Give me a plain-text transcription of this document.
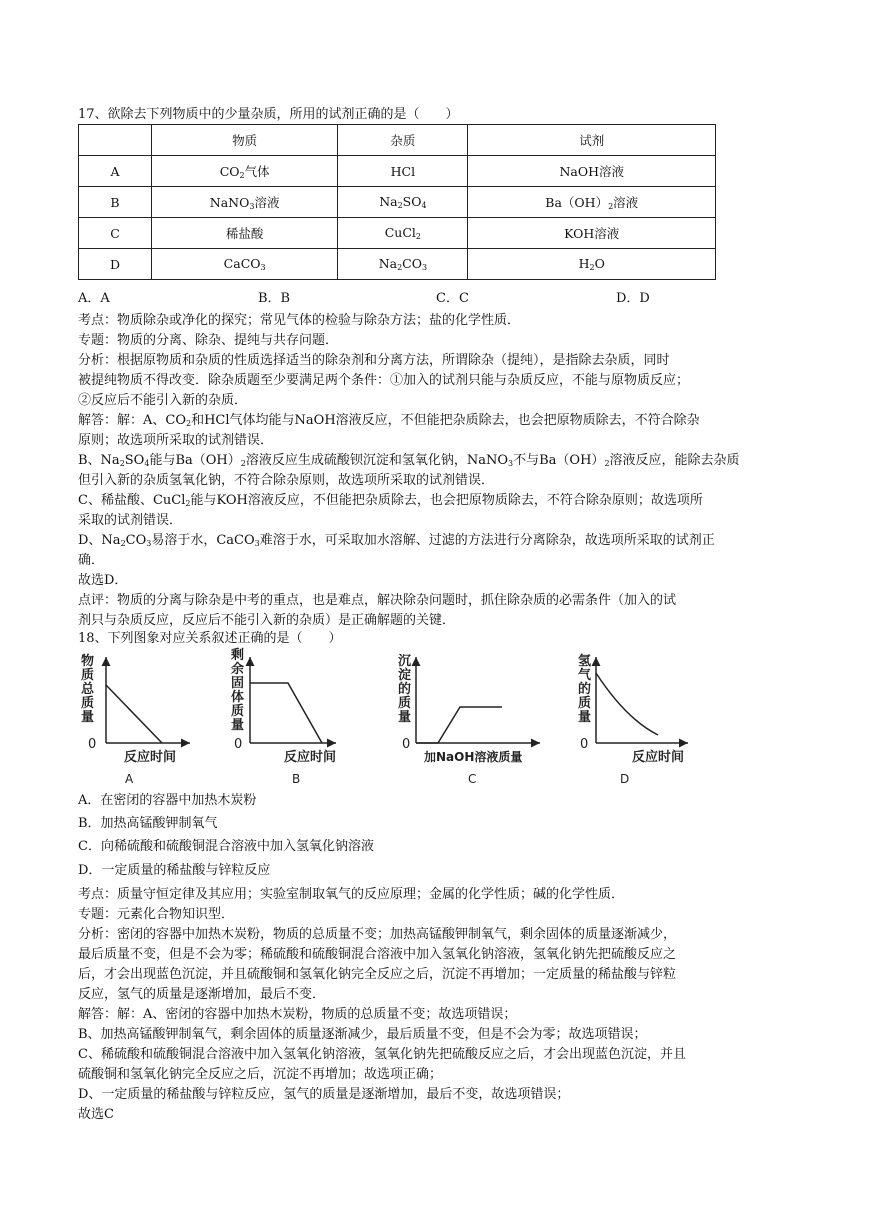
17、欲除去下列物质中的少量杂质，所用的试剂正确的是（　　）
	物质	杂质	试剂
A	$CO_2$气体	HCl	NaOH溶液
B	NaNO$_3$溶液	$Na_2SO_4$	$Ba(OH)_2$溶液
C	稀盐酸	CuCl$_2$	KOH溶液
D	CaCO$_3$	$Na_2CO_3$	$H_2O$
A．A	B．B	C．C	D．D
考点：物质除杂或净化的探究；常见气体的检验与除杂方法；盐的化学性质．
专题：物质的分离、除杂、提纯与共存问题．
分析：根据原物质和杂质的性质选择适当的除杂剂和分离方法，所谓除杂（提纯），是指除去杂质，同时
被提纯物质不得改变．除杂质题至少要满足两个条件：①加入的试剂只能与杂质反应，不能与原物质反应；
②反应后不能引入新的杂质．
解答：解：A、$CO_2$和HCl气体均能与NaOH溶液反应，不但能把杂质除去，也会把原物质除去，不符合除杂
原则；故选项所采取的试剂错误．
B、$Na_2SO_4$能与$Ba(OH)_2$溶液反应生成硫酸钡沉淀和氢氧化钠，NaNO$_3$不与$Ba(OH)_2$溶液反应，能除去杂质
但引入新的杂质氢氧化钠，不符合除杂原则，故选项所采取的试剂错误．
C、稀盐酸、CuCl$_2$能与KOH溶液反应，不但能把杂质除去，也会把原物质除去，不符合除杂原则；故选项所
采取的试剂错误．
D、$Na_2CO_3$易溶于水，CaCO$_3$难溶于水，可采取加水溶解、过滤的方法进行分离除杂，故选项所采取的试剂正
确．
故选D．
点评：物质的分离与除杂是中考的重点，也是难点，解决除杂问题时，抓住除杂质的必需条件（加入的试
剂只与杂质反应，反应后不能引入新的杂质）是正确解题的关键．
18、下列图象对应关系叙述正确的是（　　）
物
质
总
质
量
0
反应时间
A
剩
余
固
体
质
量
0
反应时间
B
沉
淀
的
质
量
0
加NaOH溶液质量
C
氢
气
的
质
量
0
反应时间
D
A．在密闭的容器中加热木炭粉
B．加热高锰酸钾制氧气
C．向稀硫酸和硫酸铜混合溶液中加入氢氧化钠溶液
D．一定质量的稀盐酸与锌粒反应
考点：质量守恒定律及其应用；实验室制取氧气的反应原理；金属的化学性质；碱的化学性质．
专题：元素化合物知识型．
分析：密闭的容器中加热木炭粉，物质的总质量不变；加热高锰酸钾制氧气，剩余固体的质量逐渐减少，
最后质量不变，但是不会为零；稀硫酸和硫酸铜混合溶液中加入氢氧化钠溶液，氢氧化钠先把硫酸反应之
后，才会出现蓝色沉淀，并且硫酸铜和氢氧化钠完全反应之后，沉淀不再增加；一定质量的稀盐酸与锌粒
反应，氢气的质量是逐渐增加，最后不变．
解答：解：A、密闭的容器中加热木炭粉，物质的总质量不变；故选项错误；
B、加热高锰酸钾制氧气，剩余固体的质量逐渐减少，最后质量不变，但是不会为零；故选项错误；
C、稀硫酸和硫酸铜混合溶液中加入氢氧化钠溶液，氢氧化钠先把硫酸反应之后，才会出现蓝色沉淀，并且
硫酸铜和氢氧化钠完全反应之后，沉淀不再增加；故选项正确；
D、一定质量的稀盐酸与锌粒反应，氢气的质量是逐渐增加，最后不变，故选项错误；
故选C
